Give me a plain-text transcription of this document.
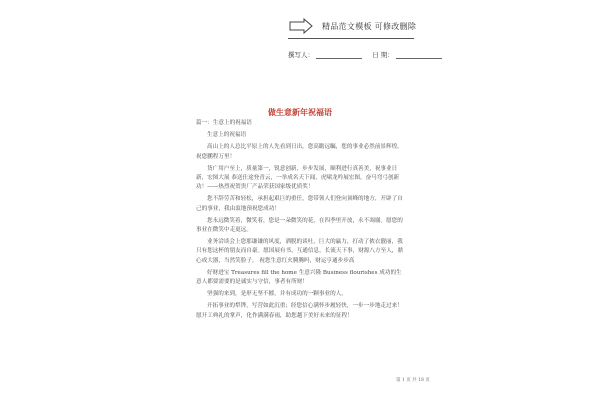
精品范文模板 可修改删除
撰写人：	日 期：
做生意新年祝福语

篇一：生意上的祝福语

生意上的祝福语

高山上的人总比平原上的人先看到日出。您高瞻远瞩，您的事业必然前景辉煌。祝您鹏程万里！

货广用户至上，质量第一，锐意创新，步步发展，顺利进行真善美，祝事业日新，宏图大展 恭送仕途登青云，一举成名天下闻，虎啸龙吟展宏图，奋马弯弓创新功！——热烈祝贺贵厂产品荣获国家级优质奖！

您不辞劳苦和轻松，承担起艰巨的重任，您带领人们登向顶峰的地方，开辟了自己的事业，我由衷地预祝您成功！

您永远微笑着，微笑着，您是一朵微笑的花，在四季里开放，永不凋谢。愿您的事业在微笑中走更远。

业务洽谈会上您那谦谦的风度，洒脱的谈吐，巨大的赢力，打动了侬衣靓丽，我只有您这杯的朋友而自豪。愿国展有书，互通信息，长流天下事，财源八方至人，鼎心成大器，当然笑脸子。 祝您生意红火腾腾吗，财运亨通步步高

好财进宝 Treasures fill the home 生意兴隆 Business flourishes 成功的生意人都要需要的是诚实与守信，事者有所财！

坚强的来到，是形无坚不摧，并有成功的一颗事业的人。

开拓事业的犁铧，写营如此沉重；经您信心满怀步履轻快，一步一步地走过来！愿开工典礼的掌声，化作满满春雨，助您越下美好未来的征程！

第 1 页 共 18 页
